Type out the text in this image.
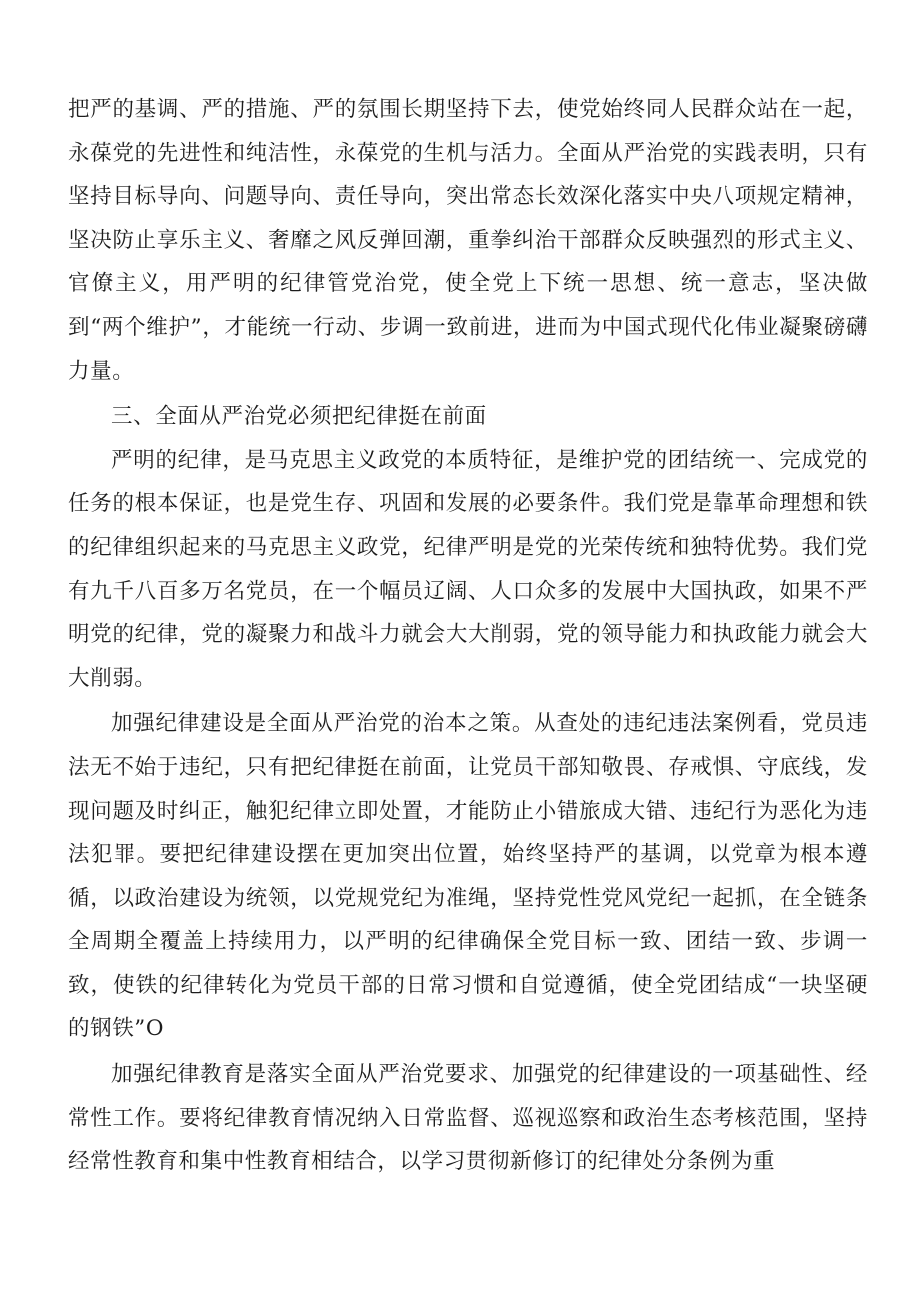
把严的基调、严的措施、严的氛围长期坚持下去，使党始终同人民群众站在一起，永葆党的先进性和纯洁性，永葆党的生机与活力。全面从严治党的实践表明，只有坚持目标导向、问题导向、责任导向，突出常态长效深化落实中央八项规定精神，坚决防止享乐主义、奢靡之风反弹回潮，重拳纠治干部群众反映强烈的形式主义、官僚主义，用严明的纪律管党治党，使全党上下统一思想、统一意志，坚决做到“两个维护”，才能统一行动、步调一致前进，进而为中国式现代化伟业凝聚磅礴力量。

三、全面从严治党必须把纪律挺在前面

严明的纪律，是马克思主义政党的本质特征，是维护党的团结统一、完成党的任务的根本保证，也是党生存、巩固和发展的必要条件。我们党是靠革命理想和铁的纪律组织起来的马克思主义政党，纪律严明是党的光荣传统和独特优势。我们党有九千八百多万名党员，在一个幅员辽阔、人口众多的发展中大国执政，如果不严明党的纪律，党的凝聚力和战斗力就会大大削弱，党的领导能力和执政能力就会大大削弱。

加强纪律建设是全面从严治党的治本之策。从查处的违纪违法案例看，党员违法无不始于违纪，只有把纪律挺在前面，让党员干部知敬畏、存戒惧、守底线，发现问题及时纠正，触犯纪律立即处置，才能防止小错旅成大错、违纪行为恶化为违法犯罪。要把纪律建设摆在更加突出位置，始终坚持严的基调，以党章为根本遵循，以政治建设为统领，以党规党纪为准绳，坚持党性党风党纪一起抓，在全链条全周期全覆盖上持续用力，以严明的纪律确保全党目标一致、团结一致、步调一致，使铁的纪律转化为党员干部的日常习惯和自觉遵循，使全党团结成“一块坚硬的钢铁”O

加强纪律教育是落实全面从严治党要求、加强党的纪律建设的一项基础性、经常性工作。要将纪律教育情况纳入日常监督、巡视巡察和政治生态考核范围，坚持经常性教育和集中性教育相结合，以学习贯彻新修订的纪律处分条例为重
